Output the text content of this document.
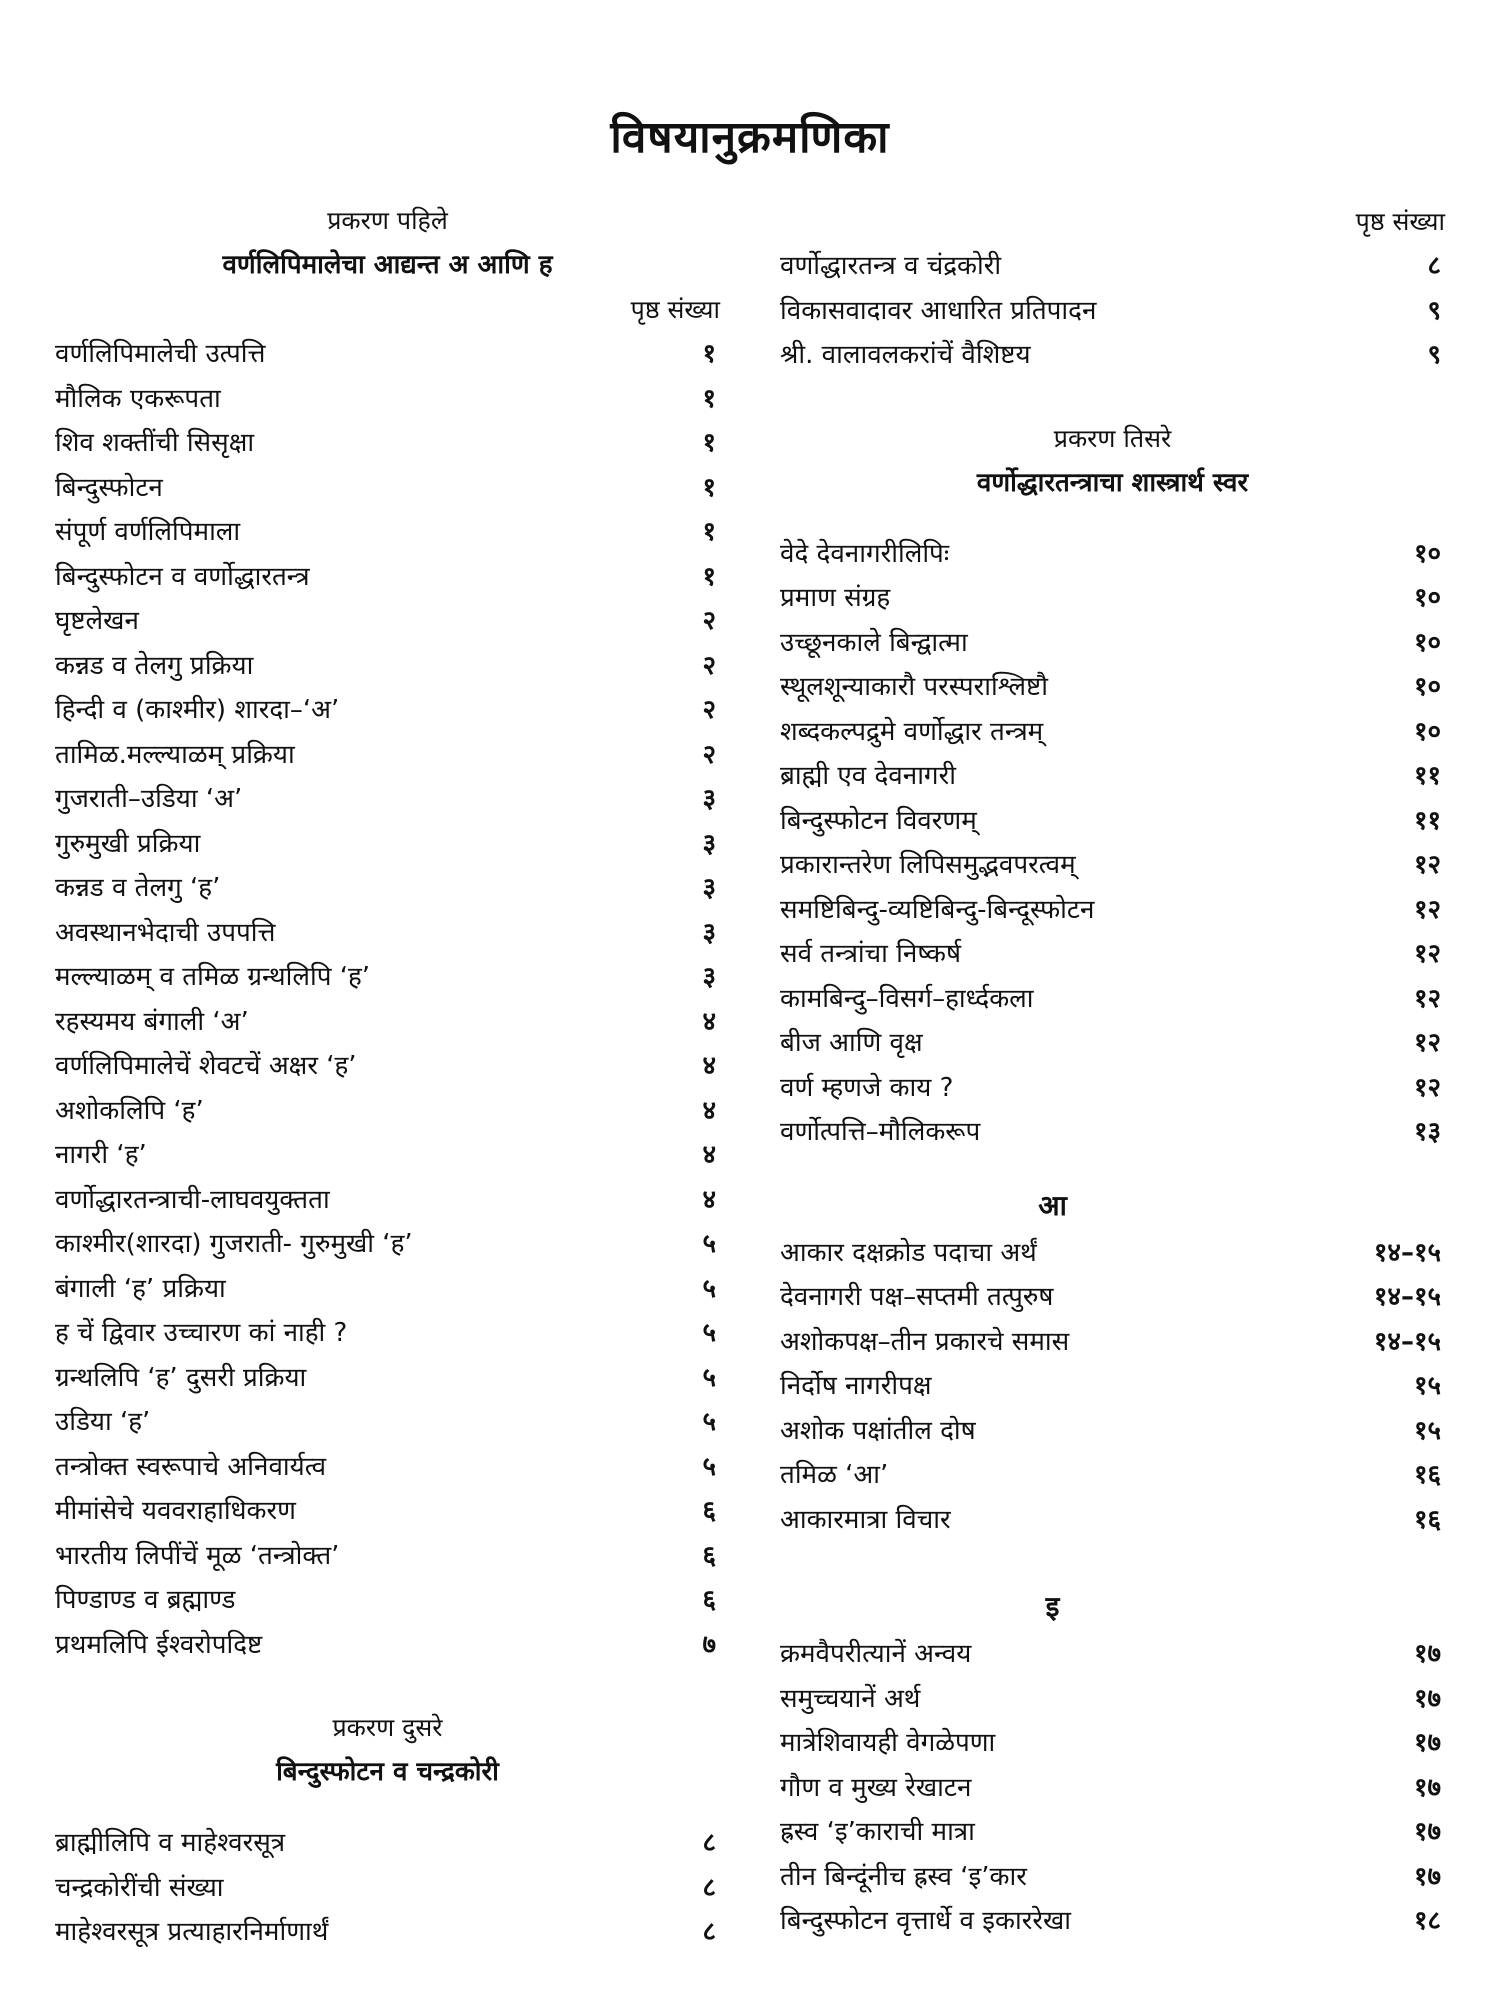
विषयानुक्रमणिका
प्रकरण पहिले
वर्णलिपिमालेचा आद्यन्त अ आणि ह
पृष्ठ संख्या
वर्णलिपिमालेची उत्पत्ति	१
मौलिक एकरूपता	१
शिव शक्तींची सिसृक्षा	१
बिन्दुस्फोटन	१
संपूर्ण वर्णलिपिमाला	१
बिन्दुस्फोटन व वर्णोद्धारतन्त्र	१
घृष्टलेखन	२
कन्नड व तेलगु प्रक्रिया	२
हिन्दी व (काश्मीर) शारदा–‘अ’	२
तामिळ.मल्ल्याळम् प्रक्रिया	२
गुजराती–उडिया ‘अ’	३
गुरुमुखी प्रक्रिया	३
कन्नड व तेलगु ‘ह’	३
अवस्थानभेदाची उपपत्ति	३
मल्ल्याळम् व तमिळ ग्रन्थलिपि ‘ह’	३
रहस्यमय बंगाली ‘अ’	४
वर्णलिपिमालेचें शेवटचें अक्षर ‘ह’	४
अशोकलिपि ‘ह’	४
नागरी ‘ह’	४
वर्णोद्धारतन्त्राची-लाघवयुक्तता	४
काश्मीर(शारदा) गुजराती- गुरुमुखी ‘ह’	५
बंगाली ‘ह’ प्रक्रिया	५
ह चें द्विवार उच्चारण कां नाही ?	५
ग्रन्थलिपि ‘ह’ दुसरी प्रक्रिया	५
उडिया ‘ह’	५
तन्त्रोक्त स्वरूपाचे अनिवार्यत्व	५
मीमांसेचे यववराहाधिकरण	६
भारतीय लिपींचें मूळ ‘तन्त्रोक्त’	६
पिण्डाण्ड व ब्रह्माण्ड	६
प्रथमलिपि ईश्वरोपदिष्ट	७
प्रकरण दुसरे
बिन्दुस्फोटन व चन्द्रकोरी
ब्राह्मीलिपि व माहेश्वरसूत्र	८
चन्द्रकोरींची संख्या	८
माहेश्वरसूत्र प्रत्याहारनिर्माणार्थं	८
पृष्ठ संख्या
वर्णोद्धारतन्त्र व चंद्रकोरी	८
विकासवादावर आधारित प्रतिपादन	९
श्री. वालावलकरांचें वैशिष्टय	९
प्रकरण तिसरे
वर्णोद्धारतन्त्राचा शास्त्रार्थ स्वर
वेदे देवनागरीलिपिः	१०
प्रमाण संग्रह	१०
उच्छूनकाले बिन्द्वात्मा	१०
स्थूलशून्याकारौ परस्पराश्लिष्टौ	१०
शब्दकल्पद्रुमे वर्णोद्धार तन्त्रम्	१०
ब्राह्मी एव देवनागरी	११
बिन्दुस्फोटन विवरणम्	११
प्रकारान्तरेण लिपिसमुद्भवपरत्वम्	१२
समष्टिबिन्दु-व्यष्टिबिन्दु-बिन्दूस्फोटन	१२
सर्व तन्त्रांचा निष्कर्ष	१२
कामबिन्दु–विसर्ग–हार्ध्दकला	१२
बीज आणि वृक्ष	१२
वर्ण म्हणजे काय ?	१२
वर्णोत्पत्ति–मौलिकरूप	१३
आ
आकार दक्षक्रोड पदाचा अर्थं	१४–१५
देवनागरी पक्ष–सप्तमी तत्पुरुष	१४–१५
अशोकपक्ष–तीन प्रकारचे समास	१४–१५
निर्दोष नागरीपक्ष	१५
अशोक पक्षांतील दोष	१५
तमिळ ‘आ’	१६
आकारमात्रा विचार	१६
इ
क्रमवैपरीत्यानें अन्वय	१७
समुच्चयानें अर्थ	१७
मात्रेशिवायही वेगळेपणा	१७
गौण व मुख्य रेखाटन	१७
ह्रस्व ‘इ’काराची मात्रा	१७
तीन बिन्दूंनीच ह्रस्व ‘इ’कार	१७
बिन्दुस्फोटन वृत्तार्धे व इकाररेखा	१८
